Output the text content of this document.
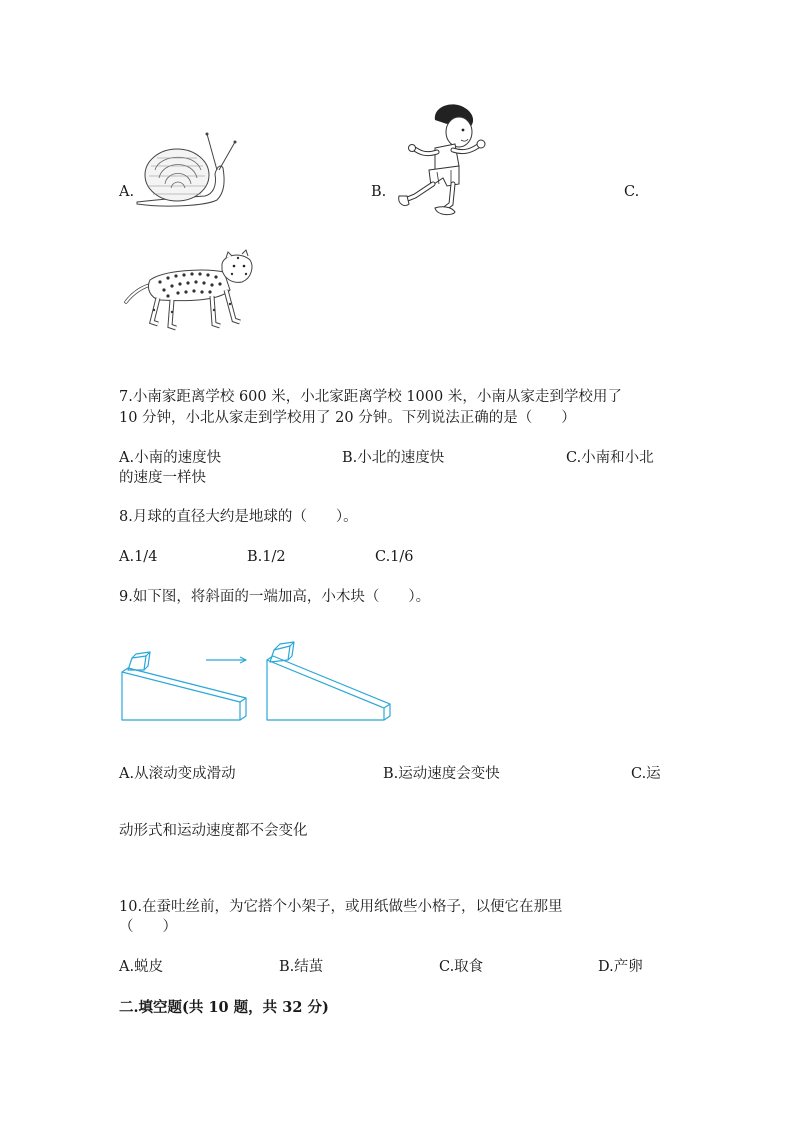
A.	B.	C.
7.小南家距离学校 600 米，小北家距离学校 1000 米，小南从家走到学校用了
10 分钟，小北从家走到学校用了 20 分钟。下列说法正确的是（　　）
A.小南的速度快	B.小北的速度快	C.小南和小北
的速度一样快
8.月球的直径大约是地球的（　　）。
A.1/4	B.1/2	C.1/6
9.如下图，将斜面的一端加高，小木块（　　）。
A.从滚动变成滑动	B.运动速度会变快	C.运
动形式和运动速度都不会变化
10.在蚕吐丝前，为它搭个小架子，或用纸做些小格子，以便它在那里
（　　）
A.蜕皮	B.结茧	C.取食	D.产卵
二.填空题(共 10 题，共 32 分)
